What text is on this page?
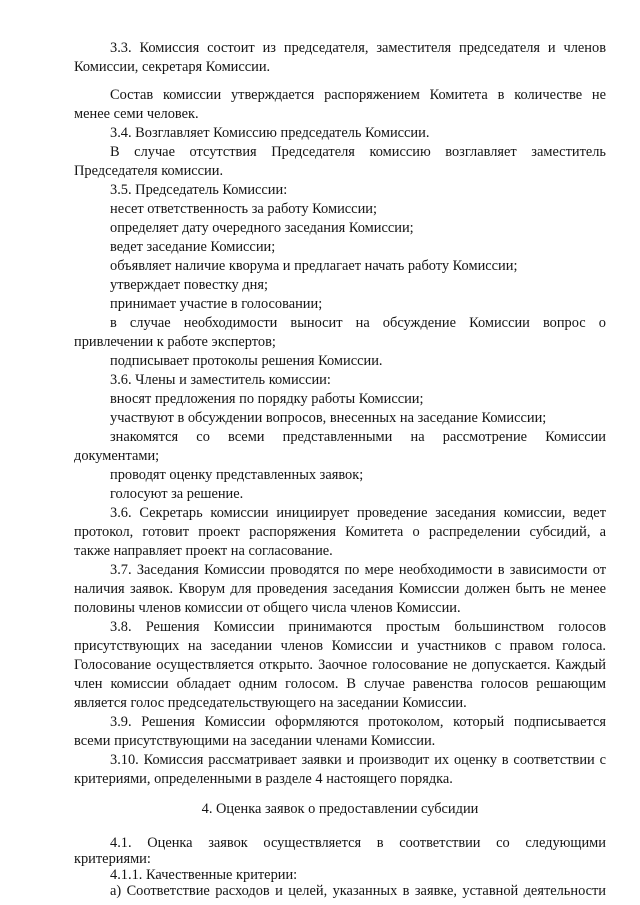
3.3. Комиссия состоит из председателя, заместителя председателя и членов
Комиссии, секретаря Комиссии.
Состав комиссии утверждается распоряжением Комитета в количестве не
менее семи человек.
3.4. Возглавляет Комиссию председатель Комиссии.
В случае отсутствия Председателя комиссию возглавляет заместитель
Председателя комиссии.
3.5. Председатель Комиссии:
несет ответственность за работу Комиссии;
определяет дату очередного заседания Комиссии;
ведет заседание Комиссии;
объявляет наличие кворума и предлагает начать работу Комиссии;
утверждает повестку дня;
принимает участие в голосовании;
в случае необходимости выносит на обсуждение Комиссии вопрос о
привлечении к работе экспертов;
подписывает протоколы решения Комиссии.
3.6. Члены и заместитель комиссии:
вносят предложения по порядку работы Комиссии;
участвуют в обсуждении вопросов, внесенных на заседание Комиссии;
знакомятся со всеми представленными на рассмотрение Комиссии
документами;
проводят оценку представленных заявок;
голосуют за решение.
3.6. Секретарь комиссии инициирует проведение заседания комиссии, ведет
протокол, готовит проект распоряжения Комитета о распределении субсидий, а
также направляет проект на согласование.
3.7. Заседания Комиссии проводятся по мере необходимости в зависимости от
наличия заявок. Кворум для проведения заседания Комиссии должен быть не менее
половины членов комиссии от общего числа членов Комиссии.
3.8. Решения Комиссии принимаются простым большинством голосов
присутствующих на заседании членов Комиссии и участников с правом голоса.
Голосование осуществляется открыто. Заочное голосование не допускается. Каждый
член комиссии обладает одним голосом. В случае равенства голосов решающим
является голос председательствующего на заседании Комиссии.
3.9. Решения Комиссии оформляются протоколом, который подписывается
всеми присутствующими на заседании членами Комиссии.
3.10. Комиссия рассматривает заявки и производит их оценку в соответствии с
критериями, определенными в разделе 4 настоящего порядка.
4. Оценка заявок о предоставлении субсидии
4.1. Оценка заявок осуществляется в соответствии со следующими
критериями:
4.1.1. Качественные критерии:
а) Соответствие расходов и целей, указанных в заявке, уставной деятельности
